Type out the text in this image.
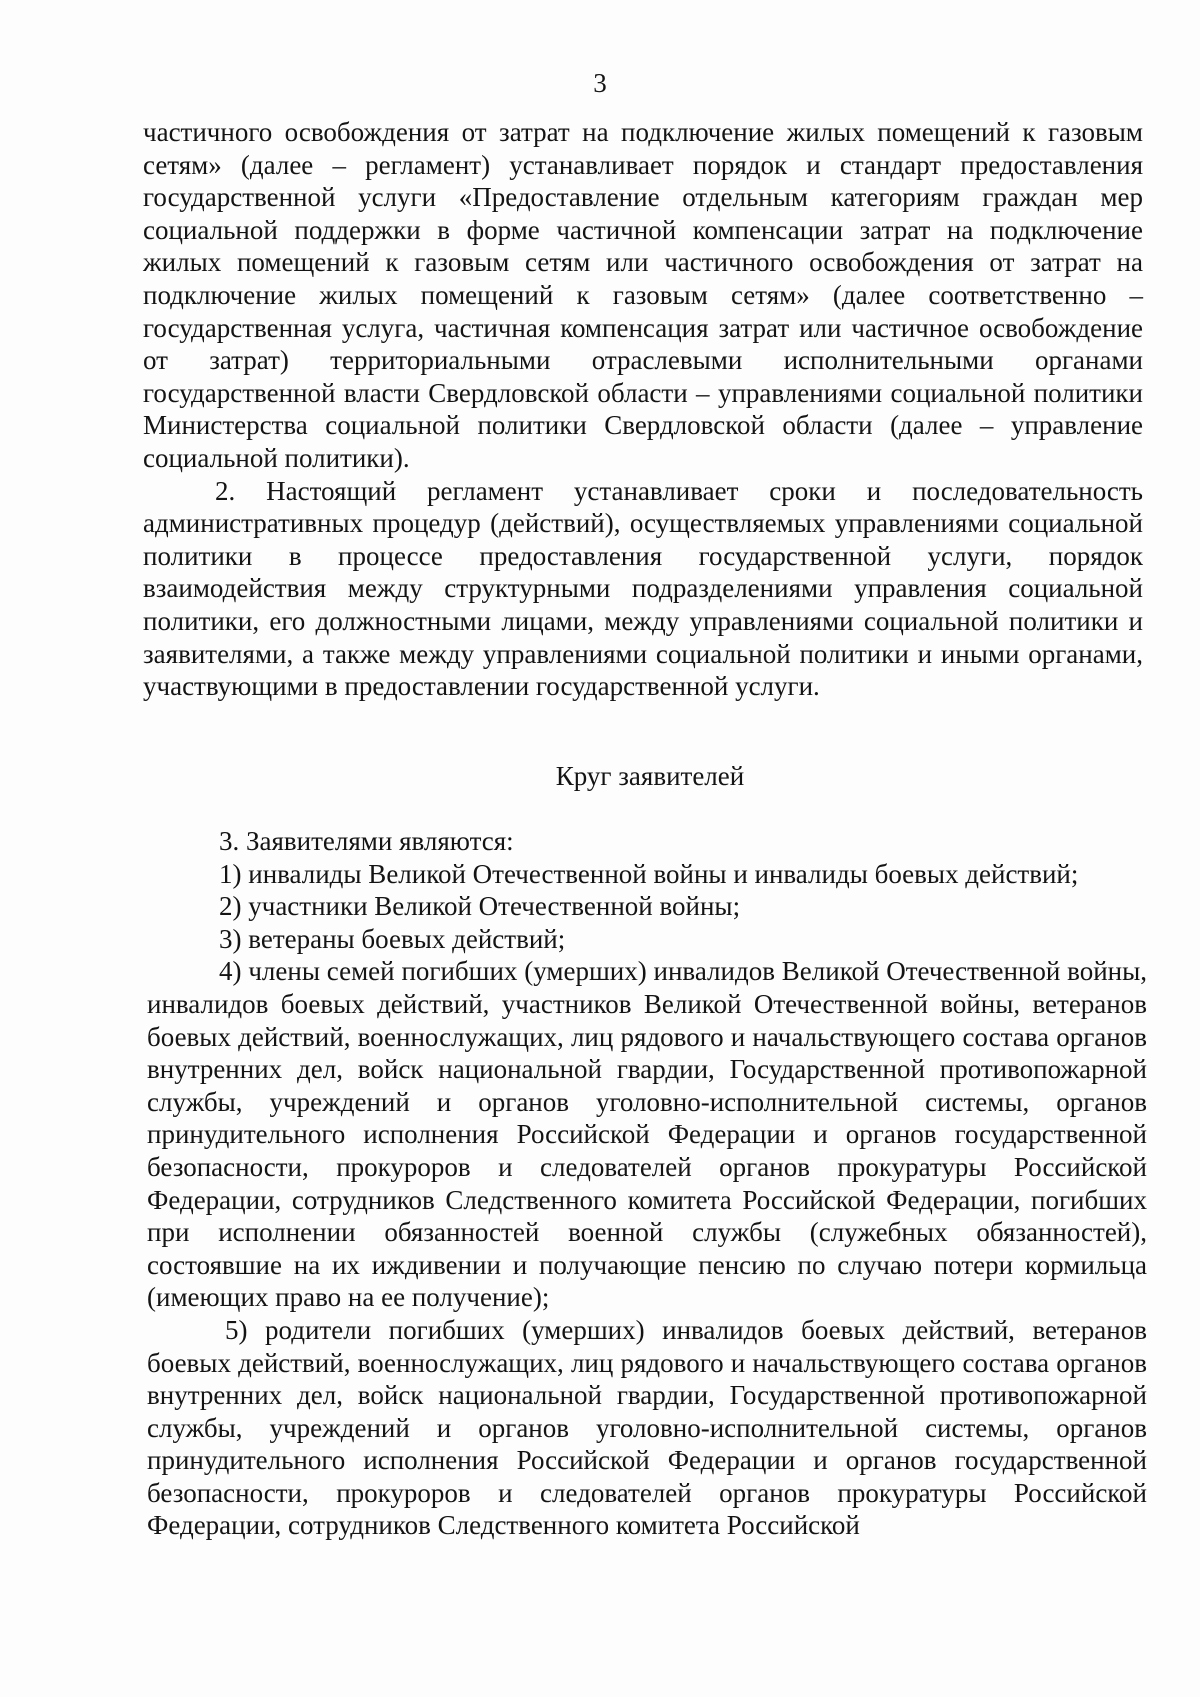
3

частичного освобождения от затрат на подключение жилых помещений к газовым сетям» (далее – регламент) устанавливает порядок и стандарт предоставления государственной услуги «Предоставление отдельным категориям граждан мер социальной поддержки в форме частичной компенсации затрат на подключение жилых помещений к газовым сетям или частичного освобождения от затрат на подключение жилых помещений к газовым сетям» (далее соответственно – государственная услуга, частичная компенсация затрат или частичное освобождение от затрат) территориальными отраслевыми исполнительными органами государственной власти Свердловской области – управлениями социальной политики Министерства социальной политики Свердловской области (далее – управление социальной политики).

2. Настоящий регламент устанавливает сроки и последовательность административных процедур (действий), осуществляемых управлениями социальной политики в процессе предоставления государственной услуги, порядок взаимодействия между структурными подразделениями управления социальной политики, его должностными лицами, между управлениями социальной политики и заявителями, а также между управлениями социальной политики и иными органами, участвующими в предоставлении государственной услуги.

Круг заявителей

3. Заявителями являются:

1) инвалиды Великой Отечественной войны и инвалиды боевых действий;

2) участники Великой Отечественной войны;

3) ветераны боевых действий;

4) члены семей погибших (умерших) инвалидов Великой Отечественной войны, инвалидов боевых действий, участников Великой Отечественной войны, ветеранов боевых действий, военнослужащих, лиц рядового и начальствующего состава органов внутренних дел, войск национальной гвардии, Государственной противопожарной службы, учреждений и органов уголовно-исполнительной системы, органов принудительного исполнения Российской Федерации и органов государственной безопасности, прокуроров и следователей органов прокуратуры Российской Федерации, сотрудников Следственного комитета Российской Федерации, погибших при исполнении обязанностей военной службы (служебных обязанностей), состоявшие на их иждивении и получающие пенсию по случаю потери кормильца (имеющих право на ее получение);

5) родители погибших (умерших) инвалидов боевых действий, ветеранов боевых действий, военнослужащих, лиц рядового и начальствующего состава органов внутренних дел, войск национальной гвардии, Государственной противопожарной службы, учреждений и органов уголовно-исполнительной системы, органов принудительного исполнения Российской Федерации и органов государственной безопасности, прокуроров и следователей органов прокуратуры Российской Федерации, сотрудников Следственного комитета Российской
